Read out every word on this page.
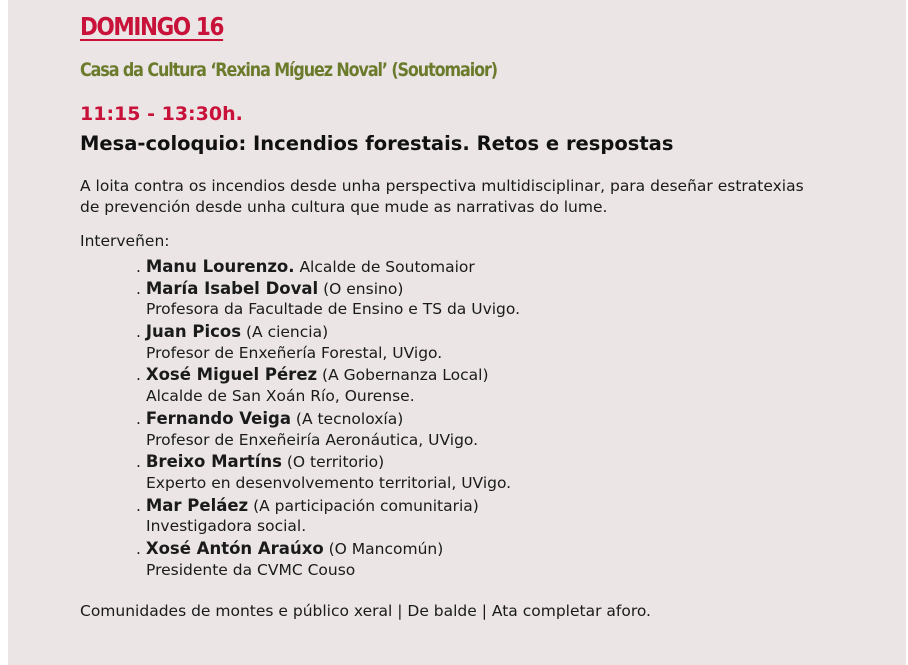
DOMINGO 16
Casa da Cultura ‘Rexina Míguez Noval’ (Soutomaior)
11:15 - 13:30h.
Mesa-coloquio: Incendios forestais. Retos e respostas
A loita contra os incendios desde unha perspectiva multidisciplinar, para deseñar estratexias
de prevención desde unha cultura que mude as narrativas do lume.
Interveñen:
. Manu Lourenzo. Alcalde de Soutomaior
. María Isabel Doval (O ensino)
Profesora da Facultade de Ensino e TS da Uvigo.
. Juan Picos (A ciencia)
Profesor de Enxeñería Forestal, UVigo.
. Xosé Miguel Pérez (A Gobernanza Local)
Alcalde de San Xoán Río, Ourense.
. Fernando Veiga (A tecnoloxía)
Profesor de Enxeñeiría Aeronáutica, UVigo.
. Breixo Martíns (O territorio)
Experto en desenvolvemento territorial, UVigo.
. Mar Peláez (A participación comunitaria)
Investigadora social.
. Xosé Antón Araúxo (O Mancomún)
Presidente da CVMC Couso
Comunidades de montes e público xeral | De balde | Ata completar aforo.
